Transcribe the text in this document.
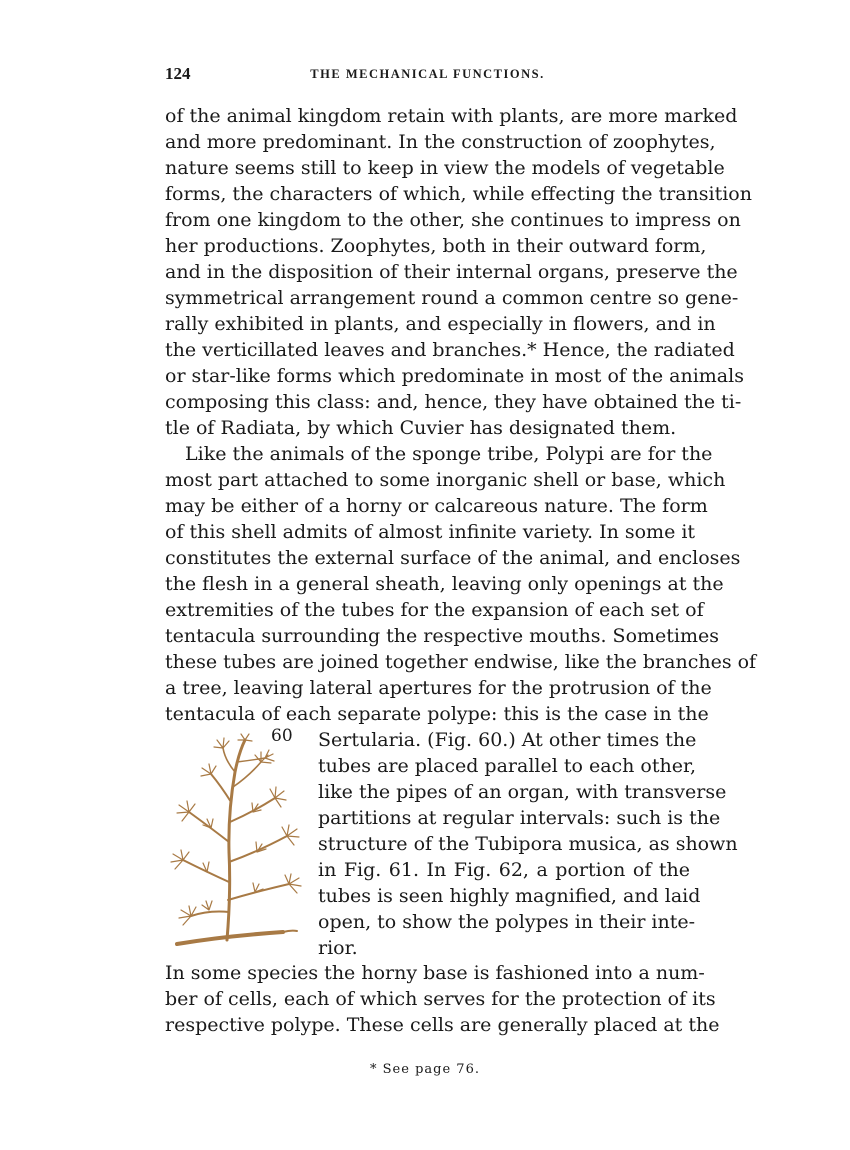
124	THE MECHANICAL FUNCTIONS.
of the animal kingdom retain with plants, are more marked
and more predominant. In the construction of zoophytes,
nature seems still to keep in view the models of vegetable
forms, the characters of which, while effecting the transition
from one kingdom to the other, she continues to impress on
her productions. Zoophytes, both in their outward form,
and in the disposition of their internal organs, preserve the
symmetrical arrangement round a common centre so gene-
rally exhibited in plants, and especially in flowers, and in
the verticillated leaves and branches.* Hence, the radiated
or star-like forms which predominate in most of the animals
composing this class: and, hence, they have obtained the ti-
tle of Radiata, by which Cuvier has designated them.
Like the animals of the sponge tribe, Polypi are for the
most part attached to some inorganic shell or base, which
may be either of a horny or calcareous nature. The form
of this shell admits of almost infinite variety. In some it
constitutes the external surface of the animal, and encloses
the flesh in a general sheath, leaving only openings at the
extremities of the tubes for the expansion of each set of
tentacula surrounding the respective mouths. Sometimes
these tubes are joined together endwise, like the branches of
a tree, leaving lateral apertures for the protrusion of the
tentacula of each separate polype: this is the case in the
60 Sertularia. (Fig. 60.) At other times the
tubes are placed parallel to each other,
like the pipes of an organ, with transverse
partitions at regular intervals: such is the
structure of the Tubipora musica, as shown
in Fig. 61. In Fig. 62, a portion of the
tubes is seen highly magnified, and laid
open, to show the polypes in their inte-
rior.
In some species the horny base is fashioned into a num-
ber of cells, each of which serves for the protection of its
respective polype. These cells are generally placed at the
* See page 76.
